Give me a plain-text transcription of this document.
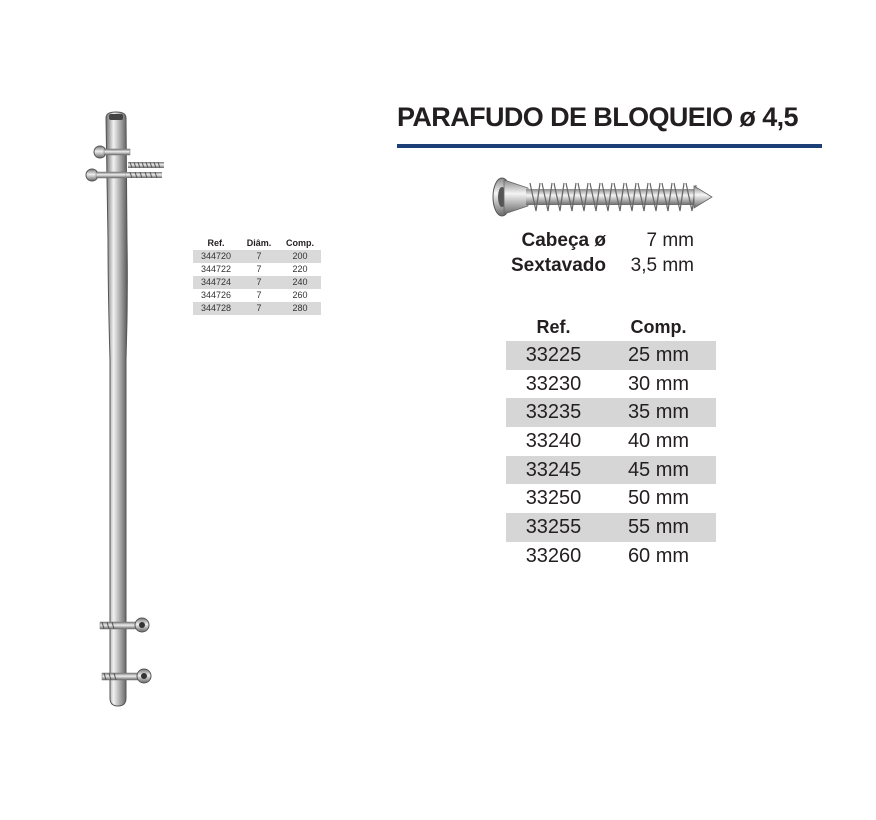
Ref.	Diâm.	Comp.
344720	7	200
344722	7	220
344724	7	240
344726	7	260
344728	7	280
PARAFUDO DE BLOQUEIO ø 4,5
Cabeça ø	7 mm
Sextavado	3,5 mm
Ref.	Comp.
33225	25 mm
33230	30 mm
33235	35 mm
33240	40 mm
33245	45 mm
33250	50 mm
33255	55 mm
33260	60 mm
